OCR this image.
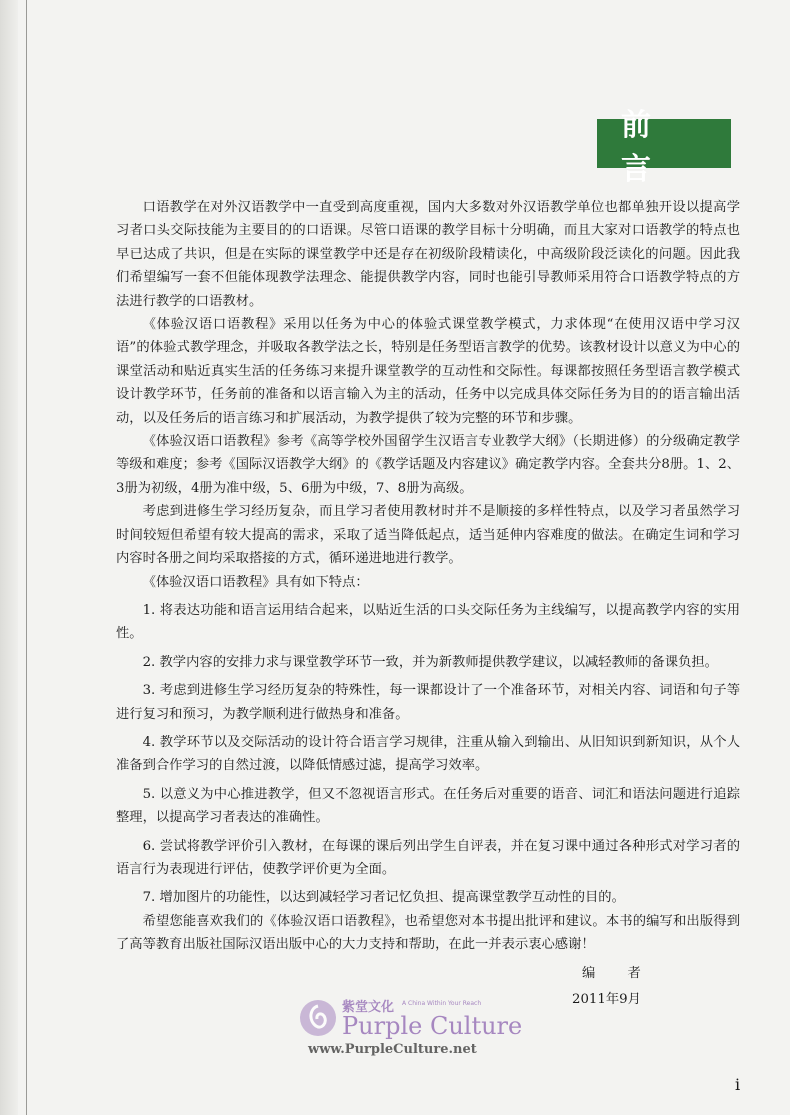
前 言

口语教学在对外汉语教学中一直受到高度重视，国内大多数对外汉语教学单位也都单独开设以提高学习者口头交际技能为主要目的的口语课。尽管口语课的教学目标十分明确，而且大家对口语教学的特点也早已达成了共识，但是在实际的课堂教学中还是存在初级阶段精读化，中高级阶段泛读化的问题。因此我们希望编写一套不但能体现教学法理念、能提供教学内容，同时也能引导教师采用符合口语教学特点的方法进行教学的口语教材。

《体验汉语口语教程》采用以任务为中心的体验式课堂教学模式，力求体现“在使用汉语中学习汉语”的体验式教学理念，并吸取各教学法之长，特别是任务型语言教学的优势。该教材设计以意义为中心的课堂活动和贴近真实生活的任务练习来提升课堂教学的互动性和交际性。每课都按照任务型语言教学模式设计教学环节，任务前的准备和以语言输入为主的活动，任务中以完成具体交际任务为目的的语言输出活动，以及任务后的语言练习和扩展活动，为教学提供了较为完整的环节和步骤。

《体验汉语口语教程》参考《高等学校外国留学生汉语言专业教学大纲》（长期进修）的分级确定教学等级和难度；参考《国际汉语教学大纲》的《教学话题及内容建议》确定教学内容。全套共分8册。1、2、3册为初级，4册为准中级，5、6册为中级，7、8册为高级。

考虑到进修生学习经历复杂，而且学习者使用教材时并不是顺接的多样性特点，以及学习者虽然学习时间较短但希望有较大提高的需求，采取了适当降低起点，适当延伸内容难度的做法。在确定生词和学习内容时各册之间均采取搭接的方式，循环递进地进行教学。

《体验汉语口语教程》具有如下特点：

1. 将表达功能和语言运用结合起来，以贴近生活的口头交际任务为主线编写，以提高教学内容的实用性。

2. 教学内容的安排力求与课堂教学环节一致，并为新教师提供教学建议，以减轻教师的备课负担。

3. 考虑到进修生学习经历复杂的特殊性，每一课都设计了一个准备环节，对相关内容、词语和句子等进行复习和预习，为教学顺利进行做热身和准备。

4. 教学环节以及交际活动的设计符合语言学习规律，注重从输入到输出、从旧知识到新知识，从个人准备到合作学习的自然过渡，以降低情感过滤，提高学习效率。

5. 以意义为中心推进教学，但又不忽视语言形式。在任务后对重要的语音、词汇和语法问题进行追踪整理，以提高学习者表达的准确性。

6. 尝试将教学评价引入教材，在每课的课后列出学生自评表，并在复习课中通过各种形式对学习者的语言行为表现进行评估，使教学评价更为全面。

7. 增加图片的功能性，以达到减轻学习者记忆负担、提高课堂教学互动性的目的。

希望您能喜欢我们的《体验汉语口语教程》，也希望您对本书提出批评和建议。本书的编写和出版得到了高等教育出版社国际汉语出版中心的大力支持和帮助，在此一并表示衷心感谢！

编 者
2011年9月
紫堂文化 A China Within Your Reach
Purple Culture
www.PurpleCulture.net
i
